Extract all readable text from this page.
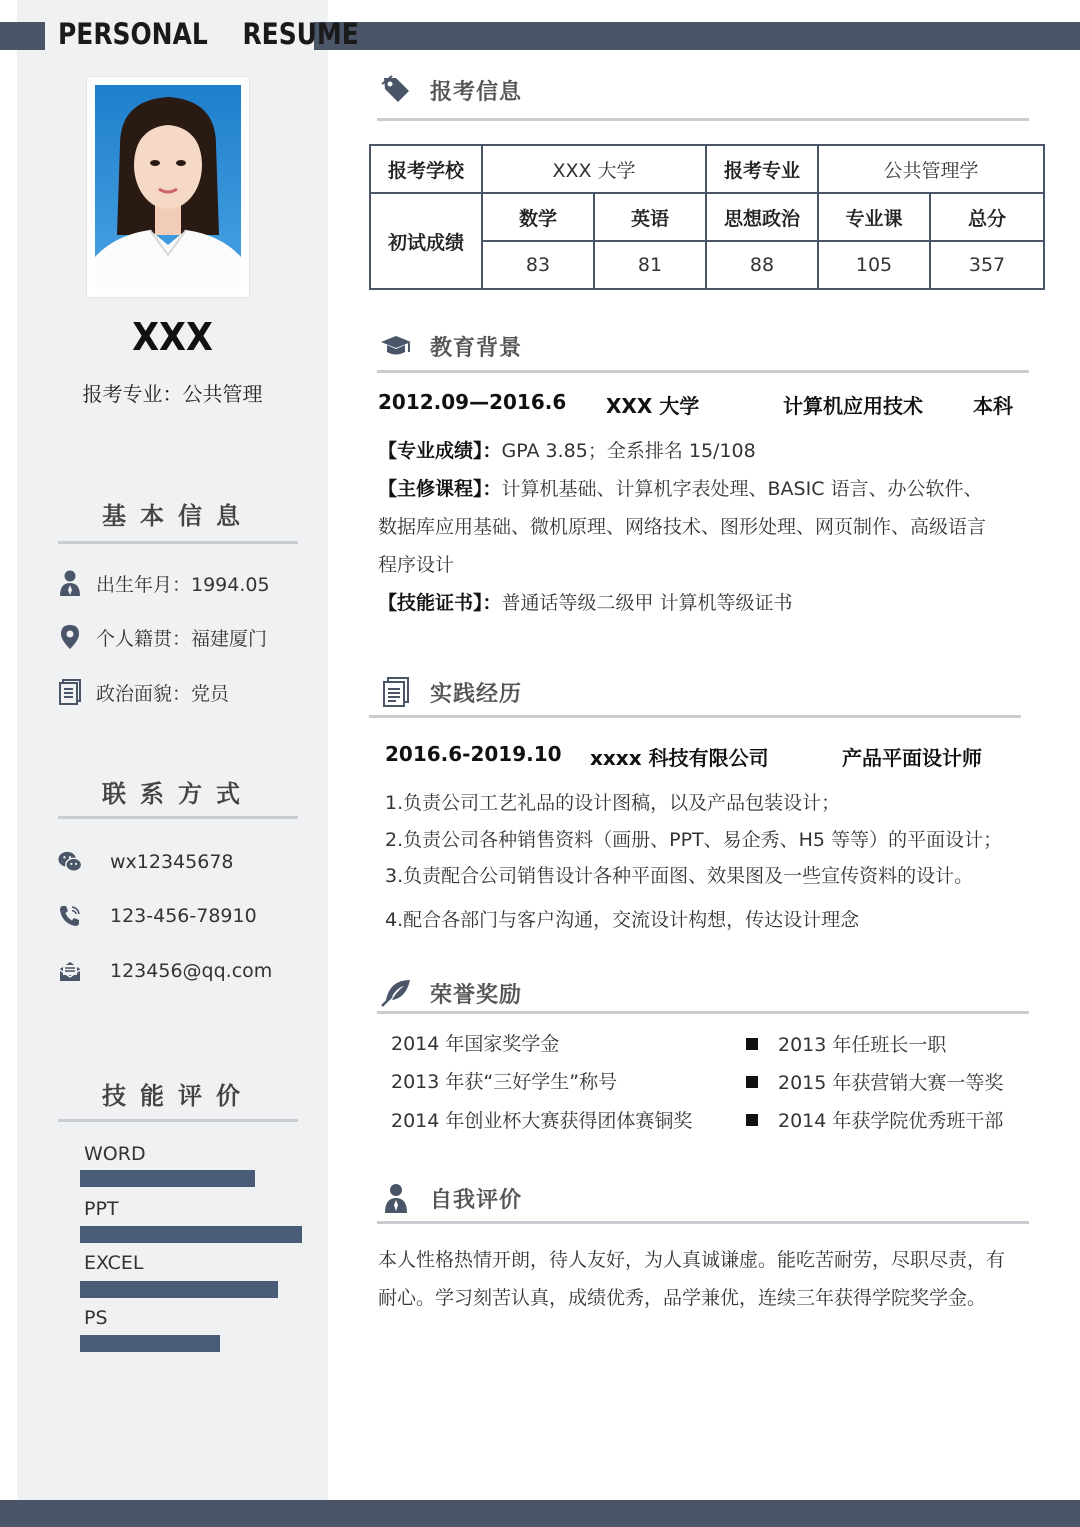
PERSONAL    RESUME
XXX
报考专业：公共管理
基本信息
出生年月：1994.05
个人籍贯：福建厦门
政治面貌：党员
联系方式
wx12345678
123-456-78910
123456@qq.com
技能评价
WORD
PPT
EXCEL
PS
报考信息
报考学校	XXX 大学		报考专业	公共管理学	
初试成绩	数学	英语	思想政治	专业课	总分
	83	81	88	105	357
教育背景
2012.09—2016.6 XXX 大学	计算机应用技术	本科
【专业成绩】：GPA 3.85；全系排名 15/108
【主修课程】：计算机基础、计算机字表处理、BASIC 语言、办公软件、
数据库应用基础、微机原理、网络技术、图形处理、网页制作、高级语言
程序设计
【技能证书】：普通话等级二级甲 计算机等级证书
实践经历
2016.6-2019.10 xxxx 科技有限公司	产品平面设计师
1.负责公司工艺礼品的设计图稿，以及产品包装设计；
2.负责公司各种销售资料（画册、PPT、易企秀、H5 等等）的平面设计；
3.负责配合公司销售设计各种平面图、效果图及一些宣传资料的设计。
4.配合各部门与客户沟通，交流设计构想，传达设计理念
荣誉奖励
2014 年国家奖学金
2013 年获“三好学生”称号
2014 年创业杯大赛获得团体赛铜奖
2013 年任班长一职
2015 年获营销大赛一等奖
2014 年获学院优秀班干部
自我评价
本人性格热情开朗，待人友好，为人真诚谦虚。能吃苦耐劳，尽职尽责，有
耐心。学习刻苦认真，成绩优秀，品学兼优，连续三年获得学院奖学金。
